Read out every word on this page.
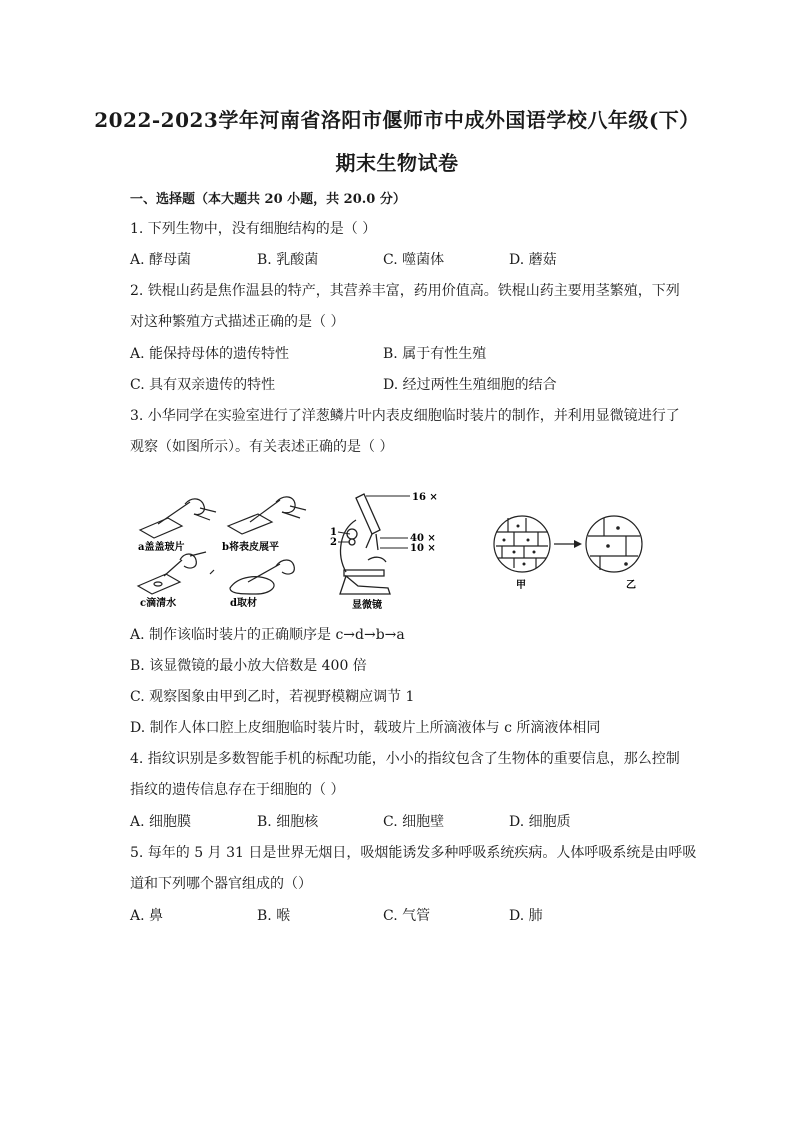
2022-2023学年河南省洛阳市偃师市中成外国语学校八年级(下）
期末生物试卷
一、选择题（本大题共 20 小题，共 20.0 分）
1. 下列生物中，没有细胞结构的是（ ）
A. 酵母菌	B. 乳酸菌	C. 噬菌体	D. 蘑菇
2. 铁棍山药是焦作温县的特产，其营养丰富，药用价值高。铁棍山药主要用茎繁殖，下列
对这种繁殖方式描述正确的是（ ）
A. 能保持母体的遗传特性	B. 属于有性生殖
C. 具有双亲遗传的特性	D. 经过两性生殖细胞的结合
3. 小华同学在实验室进行了洋葱鳞片叶内表皮细胞临时装片的制作，并利用显微镜进行了
观察（如图所示）。有关表述正确的是（ ）
a盖盖玻片	b将表皮展平
c滴清水	d取材
16 ×
40 ×
10 ×
1
2
显微镜
甲	乙
A. 制作该临时装片的正确顺序是 c→d→b→a
B. 该显微镜的最小放大倍数是 400 倍
C. 观察图象由甲到乙时，若视野模糊应调节 1
D. 制作人体口腔上皮细胞临时装片时，载玻片上所滴液体与 c 所滴液体相同
4. 指纹识别是多数智能手机的标配功能，小小的指纹包含了生物体的重要信息，那么控制
指纹的遗传信息存在于细胞的（ ）
A. 细胞膜	B. 细胞核	C. 细胞壁	D. 细胞质
5. 每年的 5 月 31 日是世界无烟日，吸烟能诱发多种呼吸系统疾病。人体呼吸系统是由呼吸
道和下列哪个器官组成的（）
A. 鼻	B. 喉	C. 气管	D. 肺
